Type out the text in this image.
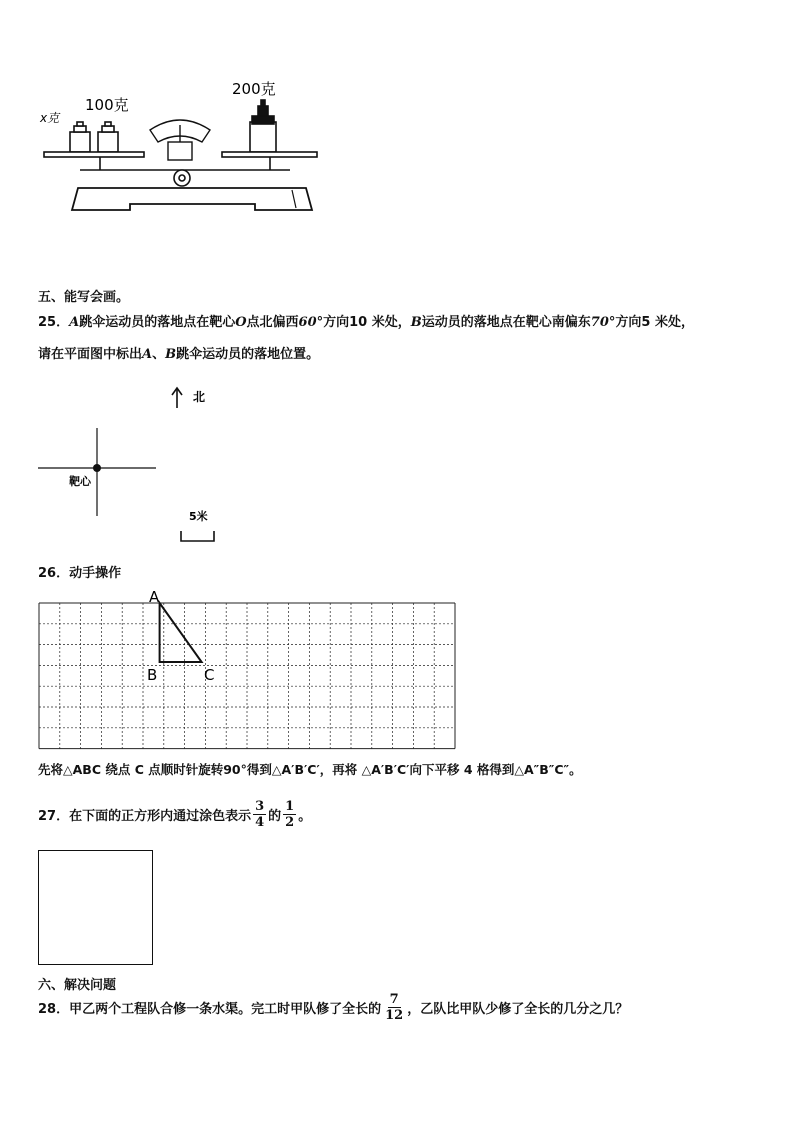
x克
100克
200克
五、能写会画。
25．A跳伞运动员的落地点在靶心O点北偏西60°方向10 米处，B运动员的落地点在靶心南偏东70°方向5 米处，
请在平面图中标出A、B跳伞运动员的落地位置。
北
靶心
5米
26．动手操作
A
B	C
先将△ABC 绕点 C 点顺时针旋转90°得到△A′B′C′，再将 △A′B′C′向下平移 4 格得到△A″B″C″。
27．在下面的正方形内通过涂色表示 $\frac{3}{4}$ 的 $\frac{1}{2}$ 。
六、解决问题
28．甲乙两个工程队合修一条水渠。完工时甲队修了全长的 $\frac{7}{12}$ ，乙队比甲队少修了全长的几分之几？
